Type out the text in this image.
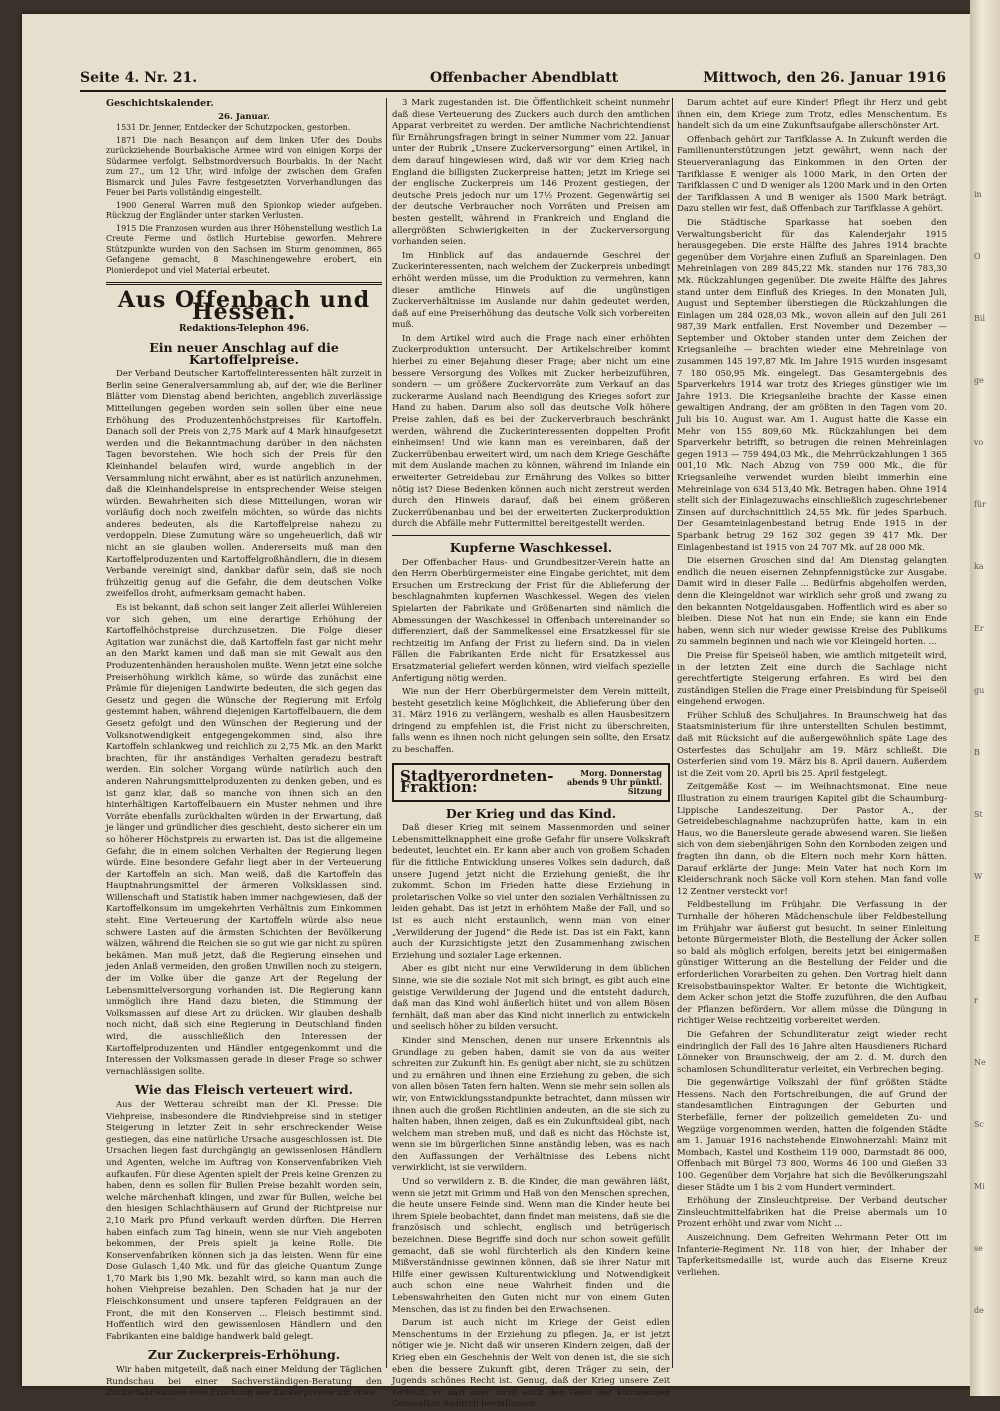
Seite 4. Nr. 21.	Offenbacher Abendblatt	Mittwoch, den 26. Januar 1916
Geschichtskalender.
26. Januar.

1531 Dr. Jenner, Entdecker der Schutzpocken, gestorben.

1871 Die nach Besançon auf dem linken Ufer des Doubs zurückziehende Bourbakische Armee wird von einigen Korps der Südarmee verfolgt. Selbstmordversuch Bourbakis. In der Nacht zum 27., um 12 Uhr, wird infolge der zwischen dem Grafen Bismarck und Jules Favre festgesetzten Vorverhandlungen das Feuer bei Paris vollständig eingestellt.

1900 General Warren muß den Spionkop wieder aufgeben. Rückzug der Engländer unter starken Verlusten.

1915 Die Franzosen wurden aus ihrer Höhenstellung westlich La Creute Ferme und östlich Hurtebise geworfen. Mehrere Stützpunkte wurden von den Sachsen im Sturm genommen, 865 Gefangene gemacht, 8 Maschinengewehre erobert, ein Pionierdepot und viel Material erbeutet.

Aus Offenbach und Hessen.
Redaktions-Telephon 496.
Ein neuer Anschlag auf die Kartoffelpreise.

Der Verband Deutscher Kartoffelinteressenten hält zurzeit in Berlin seine Generalversammlung ab, auf der, wie die Berliner Blätter vom Dienstag abend berichten, angeblich zuverlässige Mitteilungen gegeben worden sein sollen über eine neue Erhöhung des Produzentenhöchstpreises für Kartoffeln. Danach soll der Preis von 2,75 Mark auf 4 Mark hinaufgesetzt werden und die Bekanntmachung darüber in den nächsten Tagen bevorstehen. Wie hoch sich der Preis für den Kleinhandel belaufen wird, wurde angeblich in der Versammlung nicht erwähnt, aber es ist natürlich anzunehmen, daß die Kleinhandelspreise in entsprechender Weise steigen würden. Bewahrheiten sich diese Mitteilungen, woran wir vorläufig doch noch zweifeln möchten, so würde das nichts anderes bedeuten, als die Kartoffelpreise nahezu zu verdoppeln. Diese Zumutung wäre so ungeheuerlich, daß wir nicht an sie glauben wollen. Andererseits muß man den Kartoffelproduzenten und Kartoffelgroßhändlern, die in diesem Verbande vereinigt sind, dankbar dafür sein, daß sie noch frühzeitig genug auf die Gefahr, die dem deutschen Volke zweifellos droht, aufmerksam gemacht haben.

Es ist bekannt, daß schon seit langer Zeit allerlei Wühlereien vor sich gehen, um eine derartige Erhöhung der Kartoffelhöchstpreise durchzusetzen. Die Folge dieser Agitation war zunächst die, daß Kartoffeln fast gar nicht mehr an den Markt kamen und daß man sie mit Gewalt aus den Produzentenhänden herausholen mußte. Wenn jetzt eine solche Preiserhöhung wirklich käme, so würde das zunächst eine Prämie für diejenigen Landwirte bedeuten, die sich gegen das Gesetz und gegen die Wünsche der Regierung mit Erfolg gestemmt haben, während diejenigen Kartoffelbauern, die dem Gesetz gefolgt und den Wünschen der Regierung und der Volksnotwendigkeit entgegengekommen sind, also ihre Kartoffeln schlankweg und reichlich zu 2,75 Mk. an den Markt brachten, für ihr anständiges Verhalten geradezu bestraft werden. Ein solcher Vorgang würde natürlich auch den anderen Nahrungsmittelproduzenten zu denken geben, und es ist ganz klar, daß so manche von ihnen sich an den hinterhältigen Kartoffelbauern ein Muster nehmen und ihre Vorräte ebenfalls zurückhalten würden in der Erwartung, daß je länger und gründlicher dies geschieht, desto sicherer ein um so höherer Höchstpreis zu erwarten ist. Das ist die allgemeine Gefahr, die in einem solchen Verhalten der Regierung liegen würde. Eine besondere Gefahr liegt aber in der Verteuerung der Kartoffeln an sich. Man weiß, daß die Kartoffeln das Hauptnahrungsmittel der ärmeren Volksklassen sind. Willenschaft und Statistik haben immer nachgewiesen, daß der Kartoffelkonsum im umgekehrten Verhältnis zum Einkommen steht. Eine Verteuerung der Kartoffeln würde also neue schwere Lasten auf die ärmsten Schichten der Bevölkerung wälzen, während die Reichen sie so gut wie gar nicht zu spüren bekämen. Man muß jetzt, daß die Regierung einsehen und jeden Anlaß vermeiden, den großen Unwillen noch zu steigern, der im Volke über die ganze Art der Regelung der Lebensmittelversorgung vorhanden ist. Die Regierung kann unmöglich ihre Hand dazu bieten, die Stimmung der Volksmassen auf diese Art zu drücken. Wir glauben deshalb noch nicht, daß sich eine Regierung in Deutschland finden wird, die ausschließlich den Interessen der Kartoffelproduzenten und Händler entgegenkommt und die Interessen der Volksmassen gerade in dieser Frage so schwer vernachlässigen sollte.

Wie das Fleisch verteuert wird.

Aus der Wetterau schreibt man der Kl. Presse: Die Viehpreise, insbesondere die Rindviehpreise sind in stetiger Steigerung in letzter Zeit in sehr erschreckender Weise gestiegen, das eine natürliche Ursache ausgeschlossen ist. Die Ursachen liegen fast durchgängig an gewissenlosen Händlern und Agenten, welche im Auftrag von Konservenfabriken Vieh aufkaufen. Für diese Agenten spielt der Preis keine Grenzen zu haben, denn es sollen für Bullen Preise bezahlt worden sein, welche märchenhaft klingen, und zwar für Bullen, welche bei den hiesigen Schlachthäusern auf Grund der Richtpreise nur 2,10 Mark pro Pfund verkauft werden dürften. Die Herren haben einfach zum Tag hinein, wenn sie nur Vieh angeboten bekommen, der Preis spielt ja keine Rolle. Die Konservenfabriken können sich ja das leisten. Wenn für eine Dose Gulasch 1,40 Mk. und für das gleiche Quantum Zunge 1,70 Mark bis 1,90 Mk. bezahlt wird, so kann man auch die hohen Viehpreise bezahlen. Den Schaden hat ja nur der Fleischkonsument und unsere tapferen Feldgrauen an der Front, die mit den Konserven ... Fleisch bestimmt sind. Hoffentlich wird den gewissenlosen Händlern und den Fabrikanten eine baldige handwerk bald gelegt.

Zur Zuckerpreis-Erhöhung.

Wir haben mitgeteilt, daß nach einer Meldung der Täglichen Rundschau bei einer Sachverständigen-Beratung den Zuckerfabrikanten eine Erhöhung des Zuckerpreises um etwa

3 Mark zugestanden ist. Die Öffentlichkeit scheint nunmehr daß diese Verteuerung des Zuckers auch durch den amtlichen Apparat verbreitet zu werden. Der amtliche Nachrichtendienst für Ernährungsfragen bringt in seiner Nummer vom 22. Januar unter der Rubrik „Unsere Zuckerversorgung“ einen Artikel, in dem darauf hingewiesen wird, daß wir vor dem Krieg nach England die billigsten Zuckerpreise hatten; jetzt im Kriege sei der englische Zuckerpreis um 146 Prozent gestiegen, der deutsche Preis jedoch nur um 17½ Prozent. Gegenwärtig sei der deutsche Verbraucher noch Vorräten und Preisen am besten gestellt, während in Frankreich und England die allergrößten Schwierigkeiten in der Zuckerversorgung vorhanden seien.

Im Hinblick auf das andauernde Geschrei der Zuckerinteressenten, nach welchem der Zuckerpreis unbedingt erhöht werden müsse, um die Produktion zu vermehren, kann dieser amtliche Hinweis auf die ungünstigen Zuckerverhältnisse im Auslande nur dahin gedeutet werden, daß auf eine Preiserhöhung das deutsche Volk sich vorbereiten muß.

In dem Artikel wird auch die Frage nach einer erhöhten Zuckerproduktion untersucht. Der Artikelschreiber kommt hierbei zu einer Bejahung dieser Frage; aber nicht um eine bessere Versorgung des Volkes mit Zucker herbeizuführen, sondern — um größere Zuckervorräte zum Verkauf an das zuckerarme Ausland nach Beendigung des Krieges sofort zur Hand zu haben. Darum also soll das deutsche Volk höhere Preise zahlen, daß es bei der Zuckerverbrauch beschränkt werden, während die Zuckerinteressenten doppelten Profit einheimsen! Und wie kann man es vereinbaren, daß der Zuckerrübenbau erweitert wird, um nach dem Kriege Geschäfte mit dem Auslande machen zu können, während im Inlande ein erweiterter Getreidebau zur Ernährung des Volkes so bitter nötig ist? Diese Bedenken können auch nicht zerstreut werden durch den Hinweis darauf, daß bei einem größeren Zuckerrübenanbau und bei der erweiterten Zuckerproduktion durch die Abfälle mehr Futtermittel bereitgestellt werden.

Kupferne Waschkessel.

Der Offenbacher Haus- und Grundbesitzer-Verein hatte an den Herrn Oberbürgermeister eine Eingabe gerichtet, mit dem Ersuchen um Erstreckung der Frist für die Ablieferung der beschlagnahmten kupfernen Waschkessel. Wegen des vielen Spielarten der Fabrikate und Größenarten sind nämlich die Abmessungen der Waschkessel in Offenbach untereinander so differenziert, daß der Sammelkessel eine Ersatzkessel für sie rechtzeitig im Anfang der Frist zu liefern sind. Da in vielen Fällen die Fabrikanten Erde nicht für Ersatzkessel aus Ersatzmaterial geliefert werden können, wird vielfach spezielle Anfertigung nötig werden.

Wie nun der Herr Oberbürgermeister dem Verein mitteilt, besteht gesetzlich keine Möglichkeit, die Ablieferung über den 31. März 1916 zu verlängern, weshalb es allen Hausbesitzern dringend zu empfehlen ist, die Frist nicht zu überschreiten, falls wenn es ihnen noch nicht gelungen sein sollte, den Ersatz zu beschaffen.

Stadtverordneten-Fraktion:
Morg. Donnerstag abends 9 Uhr pünktl. Sitzung
Der Krieg und das Kind.

Daß dieser Krieg mit seinem Massenmorden und seiner Lebensmittelknappheit eine große Gefahr für unsere Volkskraft bedeutet, leuchtet ein. Er kann aber auch von großem Schaden für die fittliche Entwicklung unseres Volkes sein dadurch, daß unsere Jugend jetzt nicht die Erziehung genießt, die ihr zukommt. Schon im Frieden hatte diese Erziehung in proletarischen Volke so viel unter den sozialen Verhältnissen zu leiden gehabt. Das ist jetzt in erhöhtem Maße der Fall, und so ist es auch nicht erstaunlich, wenn man von einer „Verwilderung der Jugend“ die Rede ist. Das ist ein Fakt, kann auch der Kurzsichtigste jetzt den Zusammenhang zwischen Erziehung und sozialer Lage erkennen.

Aber es gibt nicht nur eine Verwilderung in dem üblichen Sinne, wie sie die soziale Not mit sich bringt, es gibt auch eine geistige Verwilderung der Jugend und die entsteht dadurch, daß man das Kind wohl äußerlich hütet und von allem Bösen fernhält, daß man aber das Kind nicht innerlich zu entwickeln und seelisch höher zu bilden versucht.

Kinder sind Menschen, denen nur unsere Erkenntnis als Grundlage zu geben haben, damit sie von da aus weiter schreiten zur Zukunft hin. Es genügt aber nicht, sie zu schützen und zu ernähren und ihnen eine Erziehung zu geben, die sich von allen bösen Taten fern halten. Wenn sie mehr sein sollen als wir, von Entwicklungsstandpunkte betrachtet, dann müssen wir ihnen auch die großen Richtlinien andeuten, an die sie sich zu halten haben, ihnen zeigen, daß es ein Zukunftsideal gibt, nach welchem man streben muß, und daß es nicht das Höchste ist, wenn sie im bürgerlichen Sinne anständig leben, was es nach den Auffassungen der Verhältnisse des Lebens nicht verwirklicht, ist sie verwildern.

Und so verwildern z. B. die Kinder, die man gewähren läßt, wenn sie jetzt mit Grimm und Haß von den Menschen sprechen, die heute unsere Feinde sind. Wenn man die Kinder heute bei ihrem Spiele beobachtet, dann findet man meistens, daß sie die französisch und schlecht, englisch und betrügerisch bezeichnen. Diese Begriffe sind doch nur schon soweit gefüllt gemacht, daß sie wohl fürchterlich als den Kindern keine Mißverständnisse gewinnen können, daß sie ihrer Natur mit Hilfe einer gewissen Kulturentwicklung und Notwendigkeit auch schon eine neue Wahrheit finden und die Lebenswahrheiten den Guten nicht nur von einem Guten Menschen, das ist zu finden bei den Erwachsenen.

Darum ist auch nicht im Kriege der Geist edlen Menschentums in der Erziehung zu pflegen. Ja, er ist jetzt nötiger wie je. Nicht daß wir unseren Kindern zeigen, daß der Krieg eben ein Geschehnis der Welt von denen ist, die sie sich eben die bessere Zukunft gibt, deren Träger zu sein, der Jugends schönes Recht ist. Genug, daß der Krieg unsere Zeit zerfetzt, er darf aber nicht auch den Geist der kommenden Generation dadurch beeinflussen.

Darum achtet auf eure Kinder! Pflegt ihr Herz und gebt ihnen ein, dem Kriege zum Trotz, edles Menschentum. Es handelt sich da um eine Zukunftsaufgabe allerschönster Art.

Offenbach gehört zur Tarifklasse A. In Zukunft werden die Familienunterstützungen jetzt gewährt, wenn nach der Steuerveranlagung das Einkommen in den Orten der Tarifklasse E weniger als 1000 Mark, in den Orten der Tarifklassen C und D weniger als 1200 Mark und in den Orten der Tarifklassen A und B weniger als 1500 Mark beträgt. Dazu stellen wir fest, daß Offenbach zur Tarifklasse A gehört.

Die Städtische Sparkasse hat soeben den Verwaltungsbericht für das Kalenderjahr 1915 herausgegeben. Die erste Hälfte des Jahres 1914 brachte gegenüber dem Vorjahre einen Zufluß an Spareinlagen. Den Mehreinlagen von 289 845,22 Mk. standen nur 176 783,30 Mk. Rückzahlungen gegenüber. Die zweite Hälfte des Jahres stand unter dem Einfluß des Krieges. In den Monaten Juli, August und September überstiegen die Rückzahlungen die Einlagen um 284 028,03 Mk., wovon allein auf den Juli 261 987,39 Mark entfallen. Erst November und Dezember — September und Oktober standen unter dem Zeichen der Kriegsanleihe — brachten wieder eine Mehreinlage von zusammen 145 197,87 Mk. Im Jahre 1915 wurden insgesamt 7 180 050,95 Mk. eingelegt. Das Gesamtergebnis des Sparverkehrs 1914 war trotz des Krieges günstiger wie im Jahre 1913. Die Kriegsanleihe brachte der Kasse einen gewaltigen Andrang, der am größten in den Tagen vom 20. Juli bis 10. August war. Am 1. August hatte die Kasse ein Mehr von 155 809,60 Mk. Rückzahlungen bei dem Sparverkehr betrifft, so betrugen die reinen Mehreinlagen gegen 1913 — 759 494,03 Mk., die Mehrrückzahlungen 1 365 001,10 Mk. Nach Abzug von 759 000 Mk., die für Kriegsanleihe verwendet wurden bleibt immerhin eine Mehreinlage von 634 513,40 Mk. Betragen haben. Ohne 1914 stellt sich der Einlagezuwachs einschließlich zugeschriebener Zinsen auf durchschnittlich 24,55 Mk. für jedes Sparbuch. Der Gesamteinlagenbestand betrug Ende 1915 in der Sparbank betrug 29 162 302 gegen 39 417 Mk. Der Einlagenbestand ist 1915 von 24 707 Mk. auf 28 000 Mk.

Die eisernen Groschen sind da! Am Dienstag gelangten endlich die neuen eisernen Zehnpfennigstücke zur Ausgabe. Damit wird in dieser Falle ... Bedürfnis abgeholfen werden, denn die Kleingeldnot war wirklich sehr groß und zwang zu den bekannten Notgeldausgaben. Hoffentlich wird es aber so bleiben. Diese Not hat nun ein Ende; sie kann ein Ende haben, wenn sich nur wieder gewisse Kreise des Publikums zu sammeln beginnen und nach wie vor Kleingeld horten. ...

Die Preise für Speiseöl haben, wie amtlich mitgeteilt wird, in der letzten Zeit eine durch die Sachlage nicht gerechtfertigte Steigerung erfahren. Es wird bei den zuständigen Stellen die Frage einer Preisbindung für Speiseöl eingehend erwogen.

Früher Schluß des Schuljahres. In Braunschweig hat das Staatsministerium für ihre unterstellten Schulen bestimmt, daß mit Rücksicht auf die außergewöhnlich späte Lage des Osterfestes das Schuljahr am 19. März schließt. Die Osterferien sind vom 19. März bis 8. April dauern. Außerdem ist die Zeit vom 20. April bis 25. April festgelegt.

Zeitgemäße Kost — im Weihnachtsmonat. Eine neue Illustration zu einem traurigen Kapitel gibt die Schaumburg-Lippische Landeszeitung. Der Pastor A., der Getreidebeschlagnahme nachzuprüfen hatte, kam in ein Haus, wo die Bauersleute gerade abwesend waren. Sie ließen sich von dem siebenjährigen Sohn den Kornboden zeigen und fragten ihn dann, ob die Eltern noch mehr Korn hätten. Darauf erklärte der Junge: Mein Vater hat noch Korn im Kleiderschrank noch Säcke voll Korn stehen. Man fand volle 12 Zentner versteckt vor!

Feldbestellung im Frühjahr. Die Verfassung in der Turnhalle der höheren Mädchenschule über Feldbestellung im Frühjahr war äußerst gut besucht. In seiner Einleitung betonte Bürgermeister Bloth, die Bestellung der Äcker sollen so bald als möglich erfolgen, bereits jetzt bei einigermaßen günstiger Witterung an die Bestellung der Felder und die erforderlichen Vorarbeiten zu gehen. Den Vortrag hielt dann Kreisobstbauinspektor Walter. Er betonte die Wichtigkeit, dem Acker schon jetzt die Stoffe zuzuführen, die den Aufbau der Pflanzen befördern. Vor allem müsse die Düngung in richtiger Weise rechtzeitig vorbereitet werden.

Die Gefahren der Schundliteratur zeigt wieder recht eindringlich der Fall des 16 Jahre alten Hausdieners Richard Lönneker von Braunschweig, der am 2. d. M. durch den schamlosen Schundliteratur verleitet, ein Verbrechen beging.

Die gegenwärtige Volkszahl der fünf größten Städte Hessens. Nach den Fortschreibungen, die auf Grund der standesamtlichen Eintragungen der Geburten und Sterbefälle, ferner der polizeilich gemeldeten Zu- und Wegzüge vorgenommen werden, hatten die folgenden Städte am 1. Januar 1916 nachstehende Einwohnerzahl: Mainz mit Mombach, Kastel und Kostheim 119 000, Darmstadt 86 000, Offenbach mit Bürgel 73 800, Worms 46 100 und Gießen 33 100. Gegenüber dem Vorjahre hat sich die Bevölkerungszahl dieser Städte um 1 bis 2 vom Hundert vermindert.

Erhöhung der Zinsleuchtpreise. Der Verband deutscher Zinsleuchtmittelfabriken hat die Preise abermals um 10 Prozent erhöht und zwar vom Nicht ...

Auszeichnung. Dem Gefreiten Wehrmann Peter Ott im Infanterie-Regiment Nr. 118 von hier, der Inhaber der Tapferkeitsmedaille ist, wurde auch das Eiserne Kreuz verliehen.

in
O
Bil
ge
vo
für
ka
Er
gu
B
St
W
E
r
Ne
Sc
Mi
se
de
